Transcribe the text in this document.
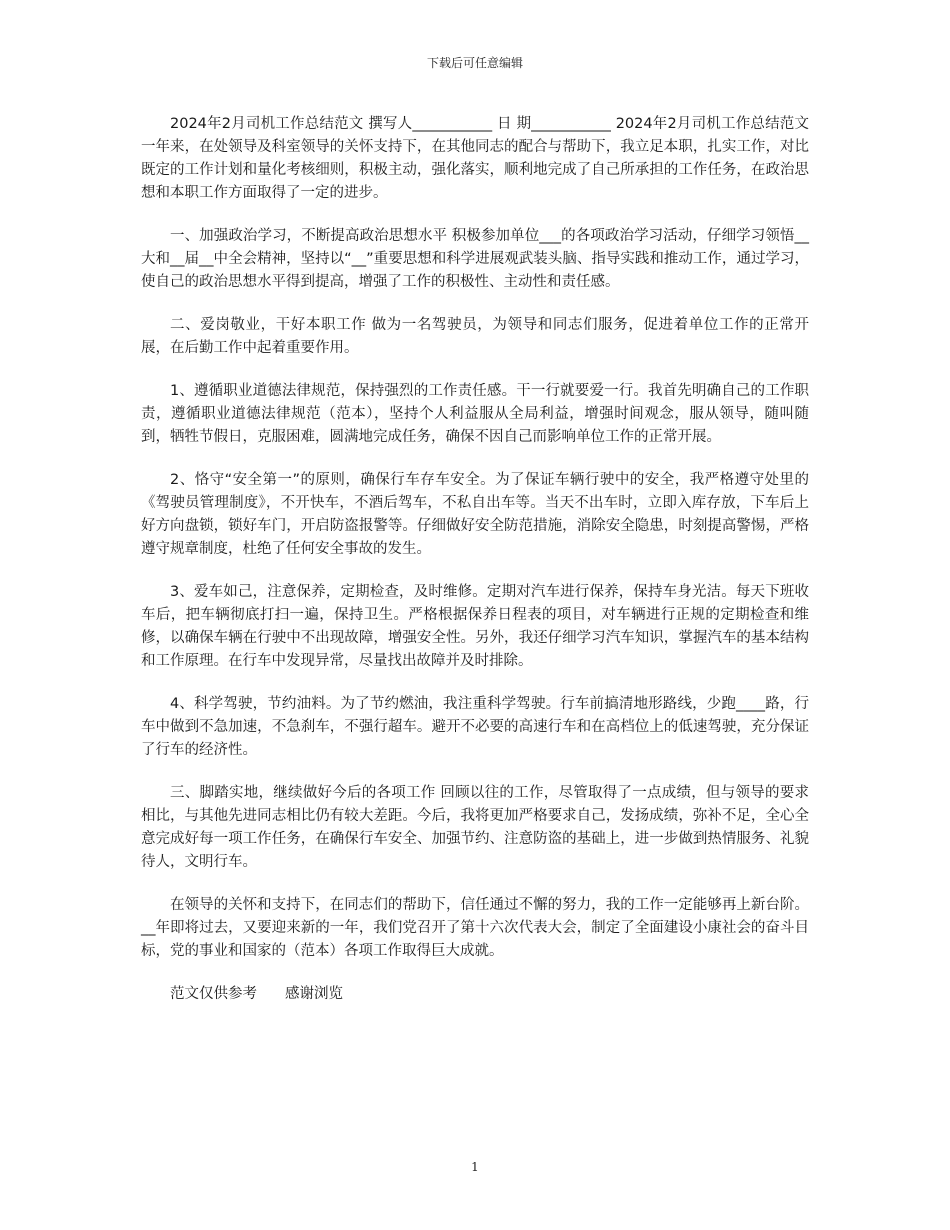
下载后可任意编辑

2024年2月司机工作总结范文 撰写人___________ 日 期___________ 2024年2月司机工作总结范文 一年来，在处领导及科室领导的关怀支持下，在其他同志的配合与帮助下，我立足本职，扎实工作，对比既定的工作计划和量化考核细则，积极主动，强化落实，顺利地完成了自己所承担的工作任务，在政治思想和本职工作方面取得了一定的进步。

一、加强政治学习，不断提高政治思想水平 积极参加单位___的各项政治学习活动，仔细学习领悟__大和__届__中全会精神，坚持以“__”重要思想和科学进展观武装头脑、指导实践和推动工作，通过学习，使自己的政治思想水平得到提高，增强了工作的积极性、主动性和责任感。

二、爱岗敬业，干好本职工作 做为一名驾驶员，为领导和同志们服务，促进着单位工作的正常开展，在后勤工作中起着重要作用。

1、遵循职业道德法律规范，保持强烈的工作责任感。干一行就要爱一行。我首先明确自己的工作职责，遵循职业道德法律规范（范本），坚持个人利益服从全局利益，增强时间观念，服从领导，随叫随到，牺牲节假日，克服困难，圆满地完成任务，确保不因自己而影响单位工作的正常开展。

2、恪守“安全第一”的原则，确保行车存车安全。为了保证车辆行驶中的安全，我严格遵守处里的《驾驶员管理制度》，不开快车，不酒后驾车，不私自出车等。当天不出车时，立即入库存放，下车后上好方向盘锁，锁好车门，开启防盗报警等。仔细做好安全防范措施，消除安全隐患，时刻提高警惕，严格遵守规章制度，杜绝了任何安全事故的发生。

3、爱车如己，注意保养，定期检查，及时维修。定期对汽车进行保养，保持车身光洁。每天下班收车后，把车辆彻底打扫一遍，保持卫生。严格根据保养日程表的项目，对车辆进行正规的定期检查和维修，以确保车辆在行驶中不出现故障，增强安全性。另外，我还仔细学习汽车知识，掌握汽车的基本结构和工作原理。在行车中发现异常，尽量找出故障并及时排除。

4、科学驾驶，节约油料。为了节约燃油，我注重科学驾驶。行车前搞清地形路线，少跑____路，行车中做到不急加速，不急刹车，不强行超车。避开不必要的高速行车和在高档位上的低速驾驶，充分保证了行车的经济性。

三、脚踏实地，继续做好今后的各项工作 回顾以往的工作，尽管取得了一点成绩，但与领导的要求相比，与其他先进同志相比仍有较大差距。今后，我将更加严格要求自己，发扬成绩，弥补不足，全心全意完成好每一项工作任务，在确保行车安全、加强节约、注意防盗的基础上，进一步做到热情服务、礼貌待人，文明行车。

在领导的关怀和支持下，在同志们的帮助下，信任通过不懈的努力，我的工作一定能够再上新台阶。__年即将过去，又要迎来新的一年，我们党召开了第十六次代表大会，制定了全面建设小康社会的奋斗目标，党的事业和国家的（范本）各项工作取得巨大成就。

范文仅供参考 感谢浏览

1
